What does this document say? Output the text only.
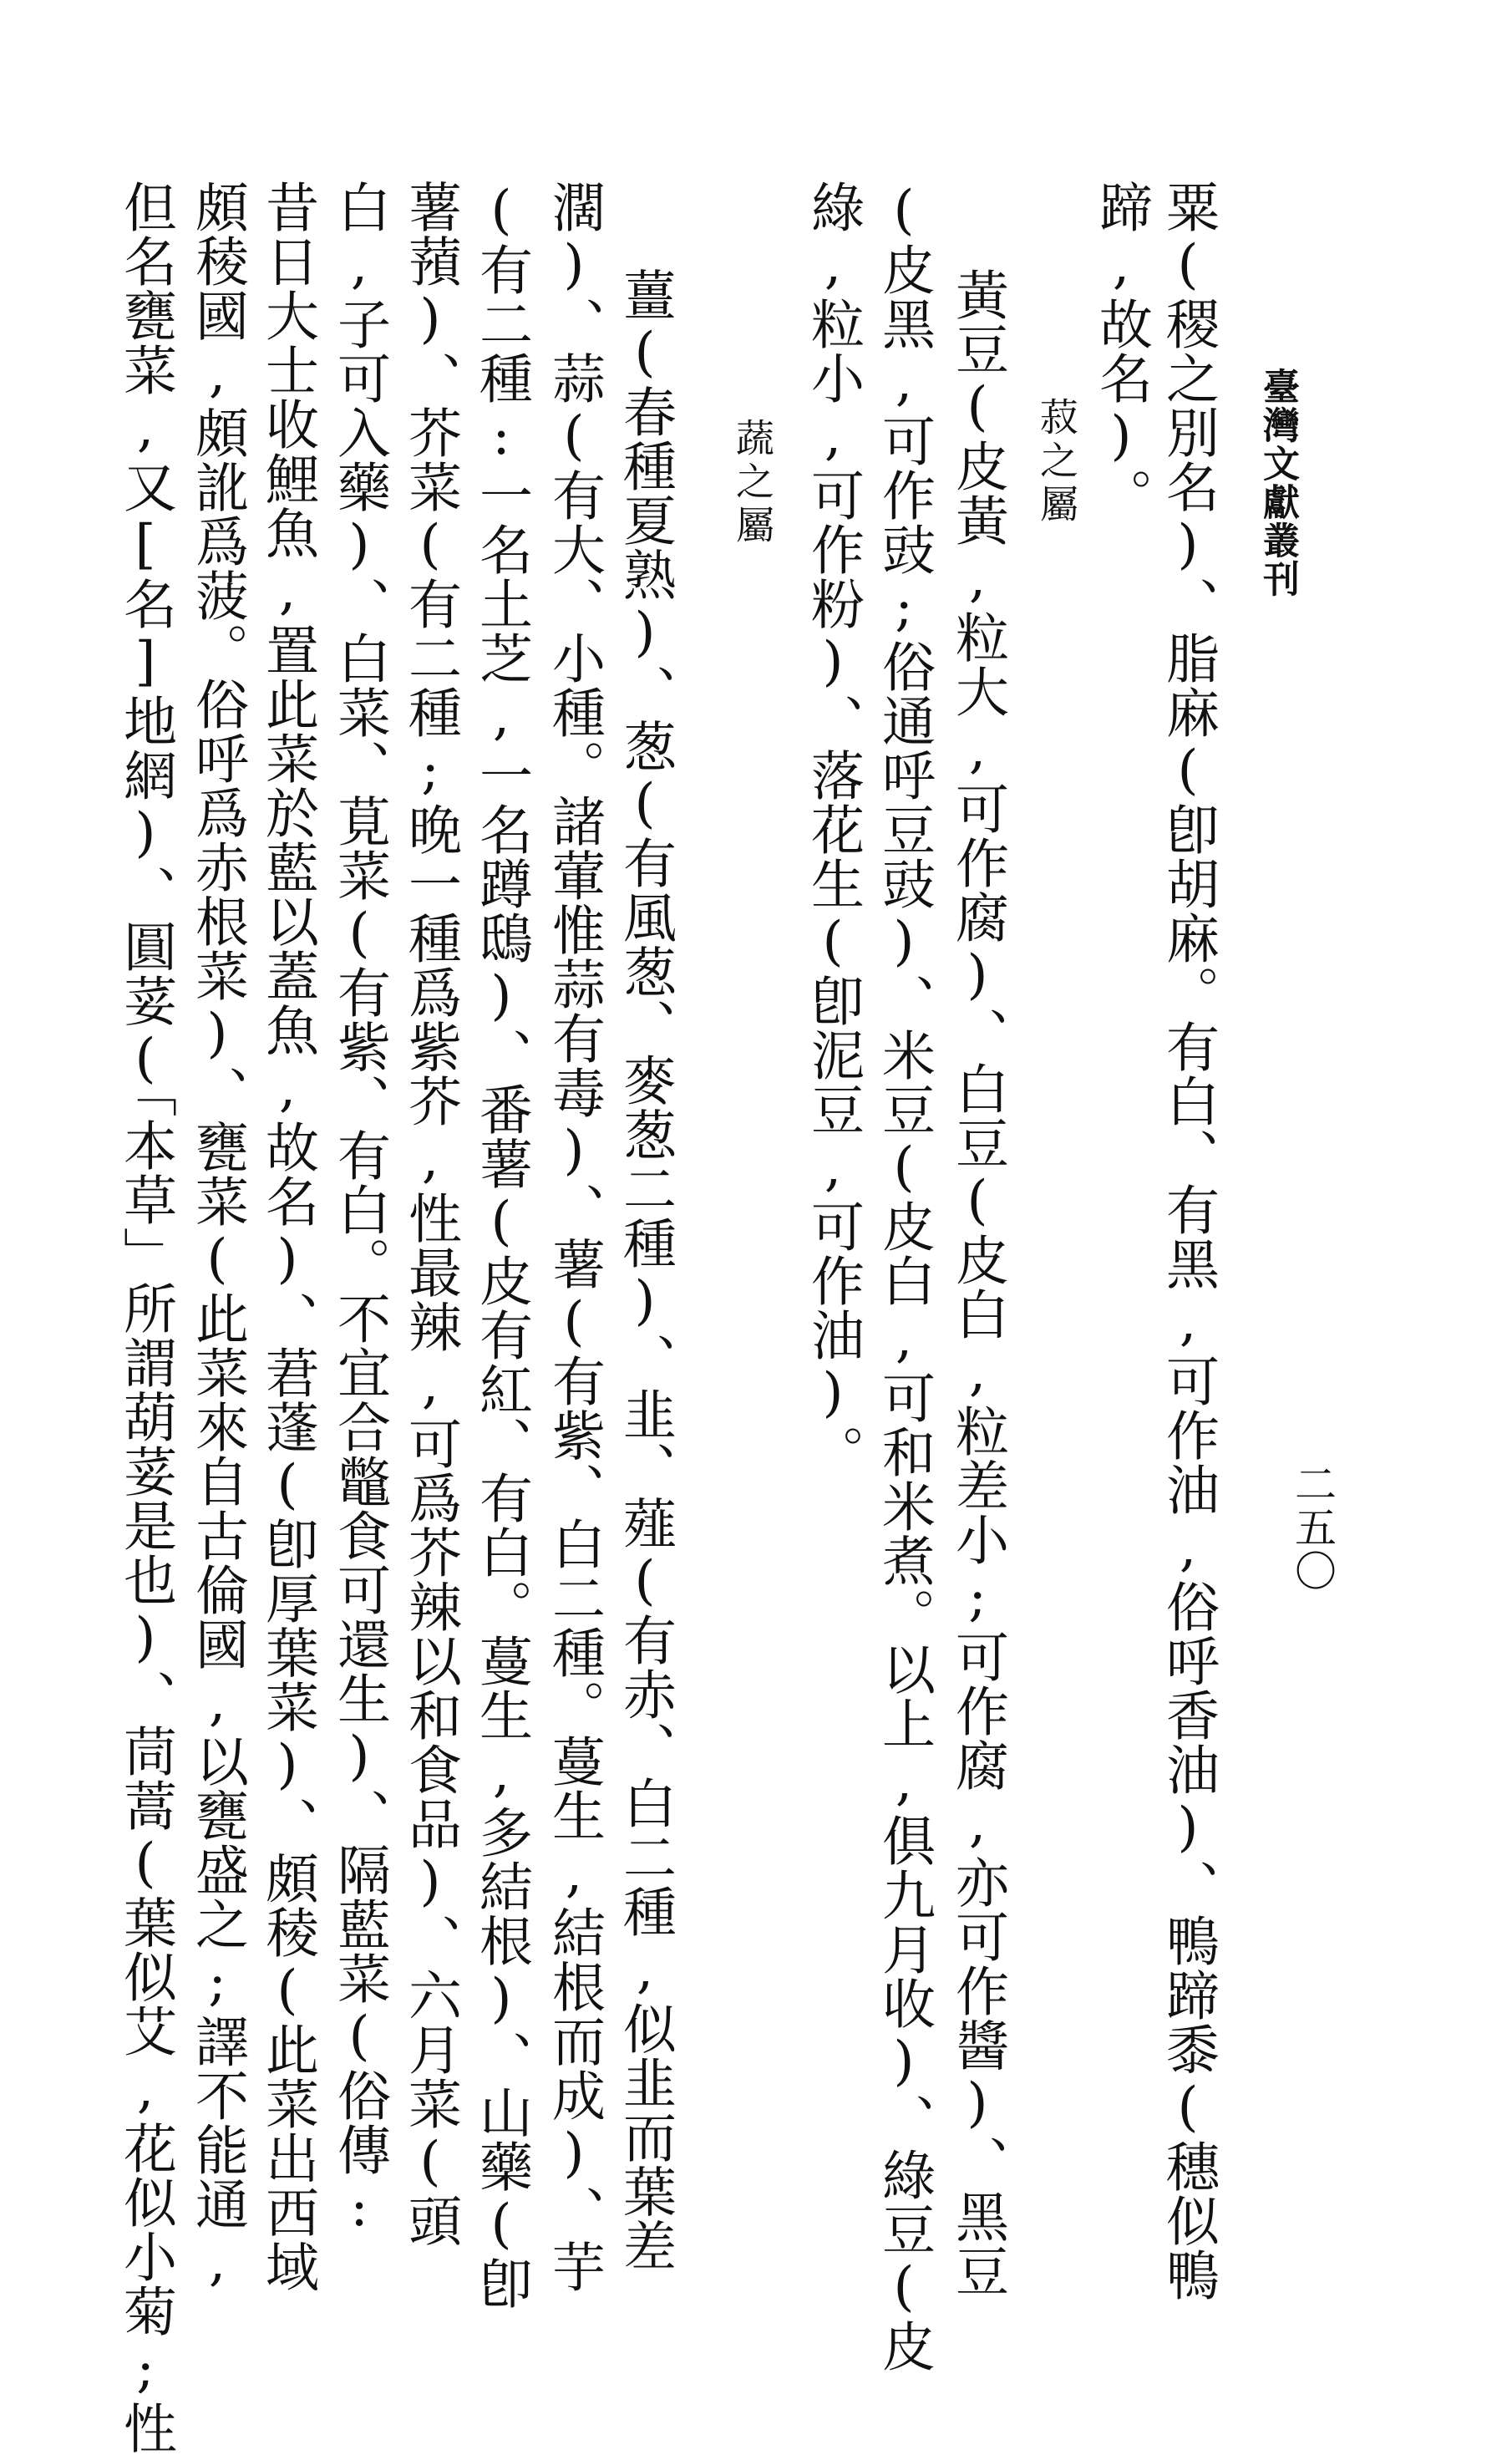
臺灣文獻叢刊
二五〇
粟(稷之別名)、脂麻(卽胡麻。有白、有黑,可作油,俗呼香油)、鴨蹄黍(穗似鴨
蹄,故名)。
菽之屬
黃豆(皮黃,粒大,可作腐)、白豆(皮白,粒差小;可作腐,亦可作醬)、黑豆
(皮黑,可作豉;俗通呼豆豉)、米豆(皮白,可和米煮。以上,俱九月收)、綠豆(皮
綠,粒小,可作粉)、落花生(卽泥豆,可作油)。
蔬之屬
薑(春種夏熟)、葱(有風葱、麥葱二種)、韭、薤(有赤、白二種,似韭而葉差
濶)、蒜(有大、小種。諸葷惟蒜有毒)、薯(有紫、白二種。蔓生,結根而成)、芋
(有二種:一名土芝,一名蹲鴟)、番薯(皮有紅、有白。蔓生,多結根)、山藥(卽
薯蕷)、芥菜(有二種;晚一種爲紫芥,性最辣,可爲芥辣以和食品)、六月菜(頭
白,子可入藥)、白菜、莧菜(有紫、有白。不宜合鼈食可還生)、隔藍菜(俗傳:
昔日大士收鯉魚,置此菜於藍以蓋魚,故名)、莙蓬(卽厚葉菜)、頗稜(此菜出西域
頗稜國,頗訛爲菠。俗呼爲赤根菜)、甕菜(此菜來自古倫國,以甕盛之;譯不能通,
但名甕菜,又[名]地網)、圓荽(「本草」所謂葫荽是也)、茼蒿(葉似艾,花似小菊;性
